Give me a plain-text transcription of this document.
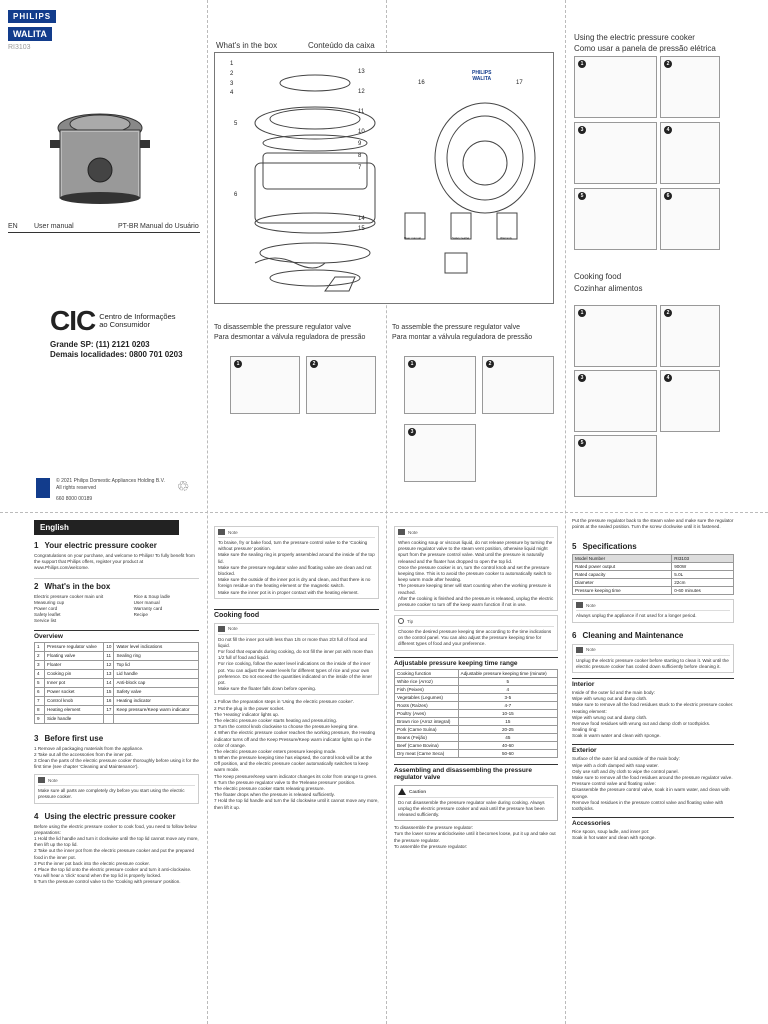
PHILIPS
WALITA
RI3103
EN User manual	PT-BR Manual do Usuário
CIC Centro de Informações
ao Consumidor
Grande SP: (11) 2121 0203
Demais localidades: 0800 701 0203
© 2021 Philips Domestic Appliances Holding B.V.
All rights reserved
660 8000 00189
♲
What's in the box	Conteúdo da caixa
1
2
3
4
5
6
13
12
11
10
9
8
7
14
15
16	17
PHILIPS
WALITA
User manual	Safety leaflet	Warranty
Using the electric pressure cooker
Como usar a panela de pressão elétrica
1	2
3	4
5	6
Cooking food
Cozinhar alimentos
1	2
3	4
5
To disassemble the pressure regulator valve
Para desmontar a válvula reguladora de pressão
1	2
To assemble the pressure regulator valve
Para montar a válvula reguladora de pressão
1	2
3
English
1 Your electric pressure cooker

Congratulations on your purchase, and welcome to Philips! To fully benefit from the support that Philips offers, register your product at www.Philips.com/welcome.

2 What's in the box
Electric pressure cooker main unit
Measuring cup
Power cord
Safety leaflet
Service list
Rice & Soup ladle
User manual
Warranty card
Recipe
Overview
1	Pressure regulator valve	10	Water level indications
2	Floating valve	11	Sealing ring
3	Floater	12	Top lid
4	Cooking pin	13	Lid handle
5	Inner pot	14	Anti-block cap
6	Power socket	15	Safety valve
7	Control knob	16	Heating indicator
8	Heating element	17	Keep pressure/Keep warm indicator
9	Side handle		
3 Before first use
1 Remove all packaging materials from the appliance.
2 Take out all the accessories from the inner pot.
3 Clean the parts of the electric pressure cooker thoroughly before using it for the first time (see chapter 'Cleaning and Maintenance').
Note

Make sure all parts are completely dry before you start using the electric pressure cooker.

4 Using the electric pressure cooker

Before using the electric pressure cooker to cook food, you need to follow below preparations:

1 Hold the lid handle and turn it clockwise until the top lid cannot move any more, then lift up the top lid.
2 Take out the inner pot from the electric pressure cooker and put the prepared food in the inner pot.
3 Put the inner pot back into the electric pressure cooker.
4 Place the top lid onto the electric pressure cooker and turn it anti-clockwise. You will hear a 'click' sound when the top lid is properly locked.
5 Turn the pressure control valve to the 'Cooking with pressure' position.
Note
To braise, fry or bake food, turn the pressure control valve to the 'Cooking without pressure' position.
Make sure the sealing ring is properly assembled around the inside of the top lid.
Make sure the pressure regulator valve and floating valve are clean and not blocked.
Make sure the outside of the inner pot is dry and clean, and that there is no foreign residue on the heating element or the magnetic switch.
Make sure the inner pot is in proper contact with the heating element.
Cooking food
Note
Do not fill the inner pot with less than 1/5 or more than 2/3 full of food and liquid.
For food that expands during cooking, do not fill the inner pot with more than 1/2 full of food and liquid.
For rice cooking, follow the water level indications on the inside of the inner pot. You can adjust the water levels for different types of rice and your own preference. Do not exceed the quantities indicated on the inside of the inner pot.
Make sure the floater falls down before opening.
1 Follow the preparation steps in 'Using the electric pressure cooker'.
2 Put the plug in the power socket.
The 'Heating' indicator lights up.
The electric pressure cooker starts heating and pressurizing.
3 Turn the control knob clockwise to choose the pressure keeping time.
4 When the electric pressure cooker reaches the working pressure, the Heating indicator turns off and the Keep Pressure/Keep warm indicator lights up in the color of orange.
The electric pressure cooker enters pressure keeping mode.
5 When the pressure keeping time has elapsed, the control knob will be at the Off position, and the electric pressure cooker automatically switches to keep warm mode.
The Keep pressure/Keep warm indicator changes its color from orange to green.
6 Turn the pressure regulator valve to the 'Release pressure' position.
The electric pressure cooker starts releasing pressure.
The floater drops when the pressure is released sufficiently.
7 Hold the top lid handle and turn the lid clockwise until it cannot move any more, then lift it up.
Note
When cooking soup or viscous liquid, do not release pressure by turning the pressure regulator valve to the steam vent position, otherwise liquid might spurt from the pressure control valve. Wait until the pressure is naturally released and the floater has dropped to open the top lid.
Once the pressure cooker is on, turn the control knob and set the pressure keeping time. This is to avoid the pressure cooker to automatically switch to keep warm mode after heating.
The pressure keeping timer will start counting when the working pressure is reached.
After the cooking is finished and the pressure is released, unplug the electric pressure cooker to turn off the keep warm function if not in use.
Tip

Choose the desired pressure keeping time according to the time indications on the control panel. You can also adjust the pressure keeping time for different types of food and your preference.

Adjustable pressure keeping time range
Cooking function	Adjustable pressure keeping time (minute)
White rice (Arroz)	5
Fish (Peixes)	4
Vegetables (Legumes)	3-5
Roots (Raízes)	4-7
Poultry (Aves)	10-15
Brown rice (Arroz integral)	15
Pork (Carne Suína)	20-25
Beans (Feijão)	45
Beef (Carne Bovina)	40-60
Dry meat (Carne Seca)	50-60
Assembling and disassembling the pressure regulator valve
Caution

Do not disassemble the pressure regulator valve during cooking. Always unplug the electric pressure cooker and wait until the pressure has been released sufficiently.

To disassemble the pressure regulator:

Turn the lower screw anticlockwise until it becomes loose, put it up and take out the pressure regulator.

To assemble the pressure regulator:

Put the pressure regulator back to the steam valve and make sure the regulator points at the sealed position. Turn the screw clockwise until it is fastened.

5 Specifications
Model Number	RI3103
Rated power output	900W
Rated capacity	5.0L
Diameter	22cm
Pressure keeping time	0-60 minutes
Note

Always unplug the appliance if not used for a longer period.

6 Cleaning and Maintenance
Note

Unplug the electric pressure cooker before starting to clean it. Wait until the electric pressure cooker has cooled down sufficiently before cleaning it.

Interior
Inside of the outer lid and the main body:
Wipe with wrung out and damp cloth.
Make sure to remove all the food residues stuck to the electric pressure cooker.
Heating element:
Wipe with wrung out and damp cloth.
Remove food residues with wrung out and damp cloth or toothpicks.
Sealing ring:
Soak in warm water and clean with sponge.
Exterior
Surface of the outer lid and outside of the main body:
Wipe with a cloth damped with soap water.
Only use soft and dry cloth to wipe the control panel.
Make sure to remove all the food residues around the pressure regulator valve.
Pressure control valve and floating valve:
Disassemble the pressure control valve, soak it in warm water, and clean with sponge.
Remove food residues in the pressure control valve and floating valve with toothpicks.
Accessories
Rice spoon, soup ladle, and inner pot:
Soak in hot water and clean with sponge.
